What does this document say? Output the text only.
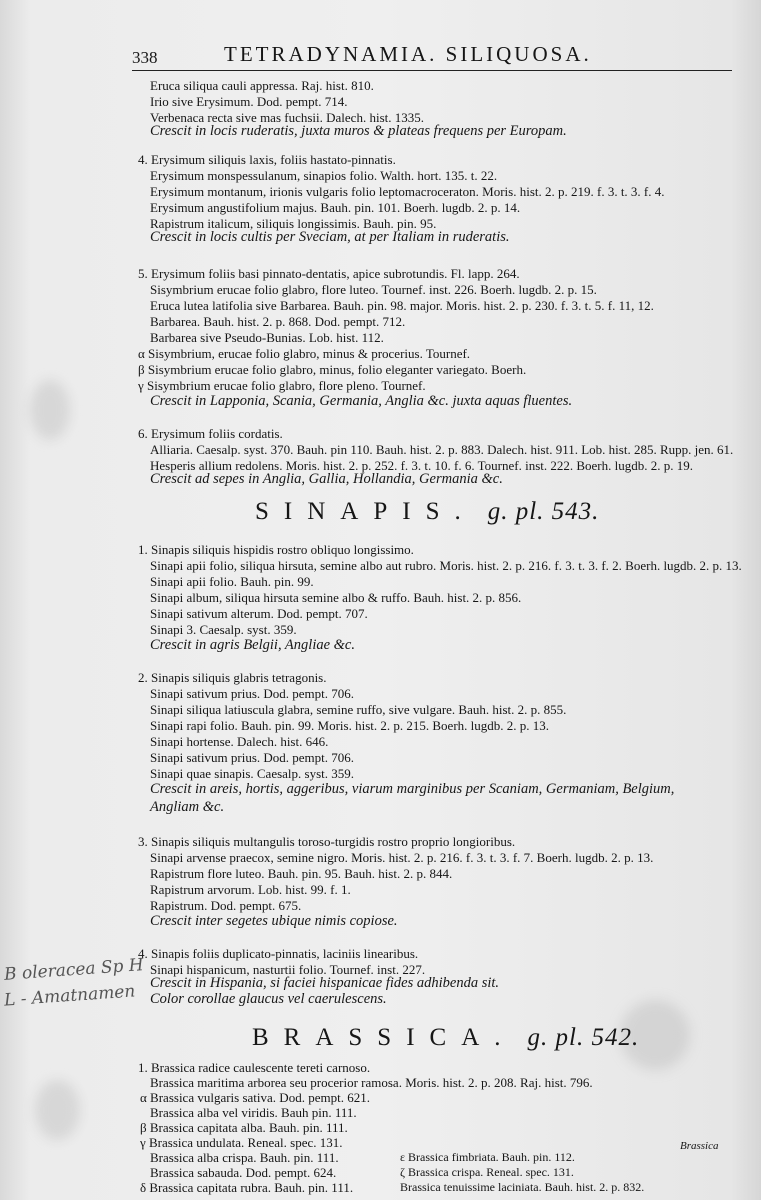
338	TETRADYNAMIA. SILIQUOSA.
Eruca siliqua cauli appressa. Raj. hist. 810.
Irio sive Erysimum. Dod. pempt. 714.
Verbenaca recta sive mas fuchsii. Dalech. hist. 1335.
Crescit in locis ruderatis, juxta muros & plateas frequens per Europam.
4. Erysimum siliquis laxis, foliis hastato-pinnatis.
Erysimum monspessulanum, sinapios folio. Walth. hort. 135. t. 22.
Erysimum montanum, irionis vulgaris folio leptomacroceraton. Moris. hist. 2. p. 219. f. 3. t. 3. f. 4.
Erysimum angustifolium majus. Bauh. pin. 101. Boerh. lugdb. 2. p. 14.
Rapistrum italicum, siliquis longissimis. Bauh. pin. 95.
Crescit in locis cultis per Sveciam, at per Italiam in ruderatis.
5. Erysimum foliis basi pinnato-dentatis, apice subrotundis. Fl. lapp. 264.
Sisymbrium erucae folio glabro, flore luteo. Tournef. inst. 226. Boerh. lugdb. 2. p. 15.
Eruca lutea latifolia sive Barbarea. Bauh. pin. 98. major. Moris. hist. 2. p. 230. f. 3. t. 5. f. 11, 12.
Barbarea. Bauh. hist. 2. p. 868. Dod. pempt. 712.
Barbarea sive Pseudo-Bunias. Lob. hist. 112.
α Sisymbrium, erucae folio glabro, minus & procerius. Tournef.
β Sisymbrium erucae folio glabro, minus, folio eleganter variegato. Boerh.
γ Sisymbrium erucae folio glabro, flore pleno. Tournef.
Crescit in Lapponia, Scania, Germania, Anglia &c. juxta aquas fluentes.
6. Erysimum foliis cordatis.
Alliaria. Caesalp. syst. 370. Bauh. pin 110. Bauh. hist. 2. p. 883. Dalech. hist. 911. Lob. hist. 285. Rupp. jen. 61.
Hesperis allium redolens. Moris. hist. 2. p. 252. f. 3. t. 10. f. 6. Tournef. inst. 222. Boerh. lugdb. 2. p. 19.
Crescit ad sepes in Anglia, Gallia, Hollandia, Germania &c.
SINAPIS. g. pl. 543.
1. Sinapis siliquis hispidis rostro obliquo longissimo.
Sinapi apii folio, siliqua hirsuta, semine albo aut rubro. Moris. hist. 2. p. 216. f. 3. t. 3. f. 2. Boerh. lugdb. 2. p. 13.
Sinapi apii folio. Bauh. pin. 99.
Sinapi album, siliqua hirsuta semine albo & ruffo. Bauh. hist. 2. p. 856.
Sinapi sativum alterum. Dod. pempt. 707.
Sinapi 3. Caesalp. syst. 359.
Crescit in agris Belgii, Angliae &c.
2. Sinapis siliquis glabris tetragonis.
Sinapi sativum prius. Dod. pempt. 706.
Sinapi siliqua latiuscula glabra, semine ruffo, sive vulgare. Bauh. hist. 2. p. 855.
Sinapi rapi folio. Bauh. pin. 99. Moris. hist. 2. p. 215. Boerh. lugdb. 2. p. 13.
Sinapi hortense. Dalech. hist. 646.
Sinapi sativum prius. Dod. pempt. 706.
Sinapi quae sinapis. Caesalp. syst. 359.
Crescit in areis, hortis, aggeribus, viarum marginibus per Scaniam, Germaniam, Belgium,
Angliam &c.
3. Sinapis siliquis multangulis toroso-turgidis rostro proprio longioribus.
Sinapi arvense praecox, semine nigro. Moris. hist. 2. p. 216. f. 3. t. 3. f. 7. Boerh. lugdb. 2. p. 13.
Rapistrum flore luteo. Bauh. pin. 95. Bauh. hist. 2. p. 844.
Rapistrum arvorum. Lob. hist. 99. f. 1.
Rapistrum. Dod. pempt. 675.
Crescit inter segetes ubique nimis copiose.
4. Sinapis foliis duplicato-pinnatis, laciniis linearibus.
Sinapi hispanicum, nasturtii folio. Tournef. inst. 227.
Crescit in Hispania, si faciei hispanicae fides adhibenda sit.
Color corollae glaucus vel caerulescens.
BRASSICA. g. pl. 542.
1. Brassica radice caulescente tereti carnoso.
Brassica maritima arborea seu procerior ramosa. Moris. hist. 2. p. 208. Raj. hist. 796.
α Brassica vulgaris sativa. Dod. pempt. 621.
Brassica alba vel viridis. Bauh pin. 111.
β Brassica capitata alba. Bauh. pin. 111.
γ Brassica undulata. Reneal. spec. 131.
Brassica alba crispa. Bauh. pin. 111.
Brassica sabauda. Dod. pempt. 624.
δ Brassica capitata rubra. Bauh. pin. 111.
ε Brassica fimbriata. Bauh. pin. 112.
ζ Brassica crispa. Reneal. spec. 131.
Brassica tenuissime laciniata. Bauh. hist. 2. p. 832.
B oleracea Sp H
L - Amatnamen
Brassica
